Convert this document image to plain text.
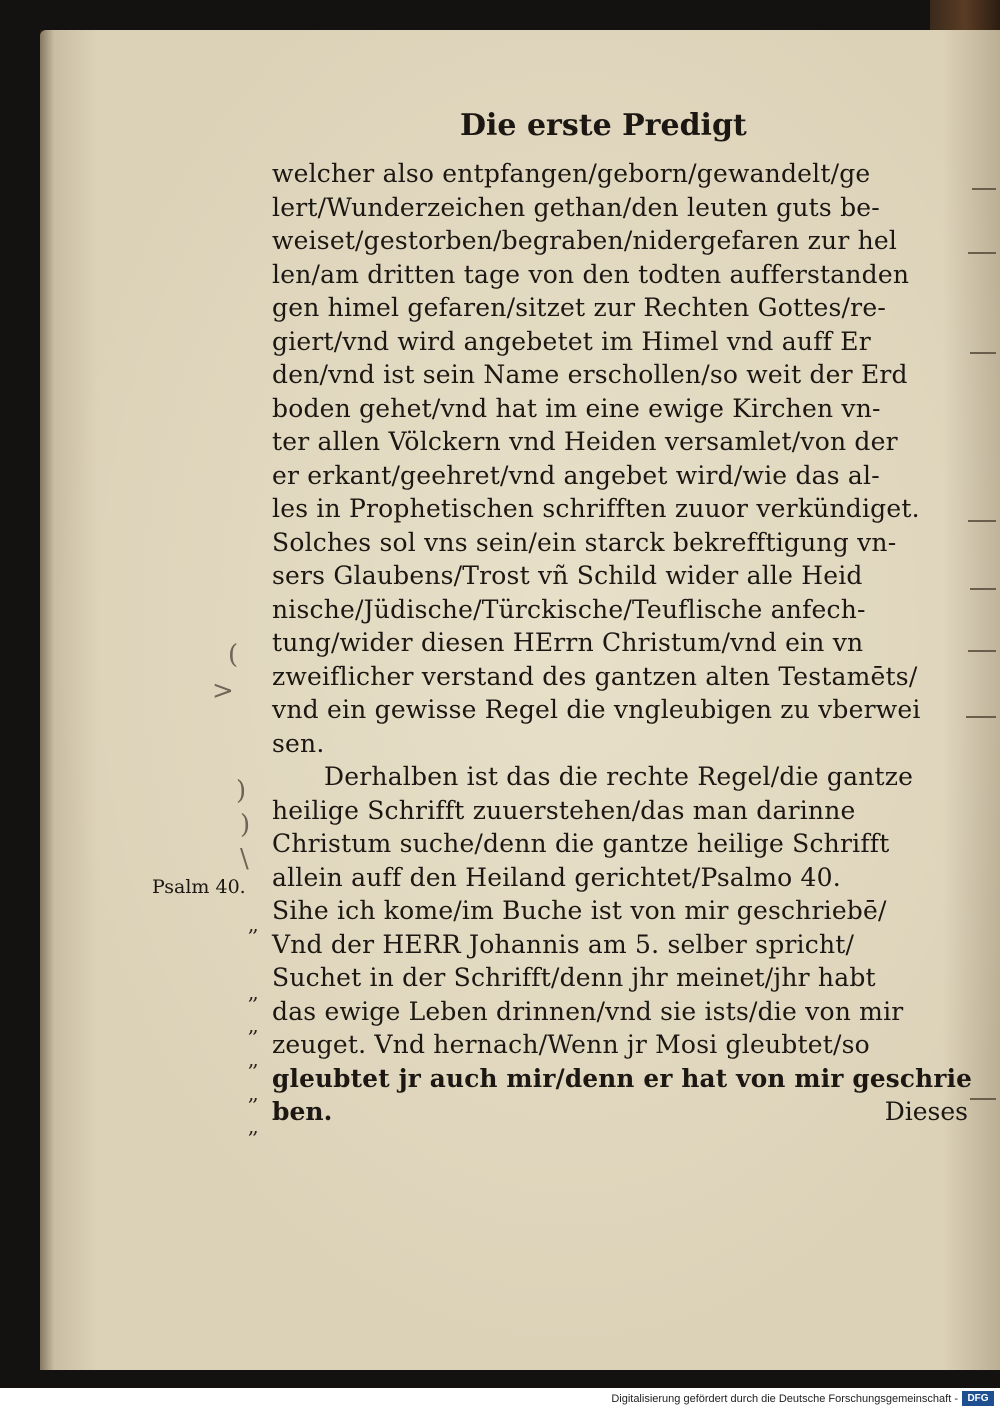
Die erste Predigt
welcher also entpfangen/geborn/gewandelt/ge
lert/Wunderzeichen gethan/den leuten guts be-
weiset/gestorben/begraben/nidergefaren zur hel
len/am dritten tage von den todten aufferstanden
gen himel gefaren/sitzet zur Rechten Gottes/re-
giert/vnd wird angebetet im Himel vnd auff Er
den/vnd ist sein Name erschollen/so weit der Erd
boden gehet/vnd hat im eine ewige Kirchen vn-
ter allen Völckern vnd Heiden versamlet/von der
er erkant/geehret/vnd angebet wird/wie das al-
les in Prophetischen schrifften zuuor verkündiget.
Solches sol vns sein/ein starck bekrefftigung vn-
sers Glaubens/Trost vñ Schild wider alle Heid
nische/Jüdische/Türckische/Teuflische anfech-
tung/wider diesen HErrn Christum/vnd ein vn
zweiflicher verstand des gantzen alten Testamēts/
vnd ein gewisse Regel die vngleubigen zu vberwei
sen.
Derhalben ist das die rechte Regel/die gantze
heilige Schrifft zuuerstehen/das man darinne
Christum suche/denn die gantze heilige Schrifft
allein auff den Heiland gerichtet/Psalmo 40.
Sihe ich kome/im Buche ist von mir geschriebē/
Vnd der HERR Johannis am 5. selber spricht/
Suchet in der Schrifft/denn jhr meinet/jhr habt
das ewige Leben drinnen/vnd sie ists/die von mir
zeuget. Vnd hernach/Wenn jr Mosi gleubtet/so
gleubtet jr auch mir/denn er hat von mir geschrie
ben.	Dieses
Psalm 40.
,,
,,
,,
,,
,,
,,
(
>
)
)
\
Digitalisierung gefördert durch die Deutsche Forschungsgemeinschaft - DFG
